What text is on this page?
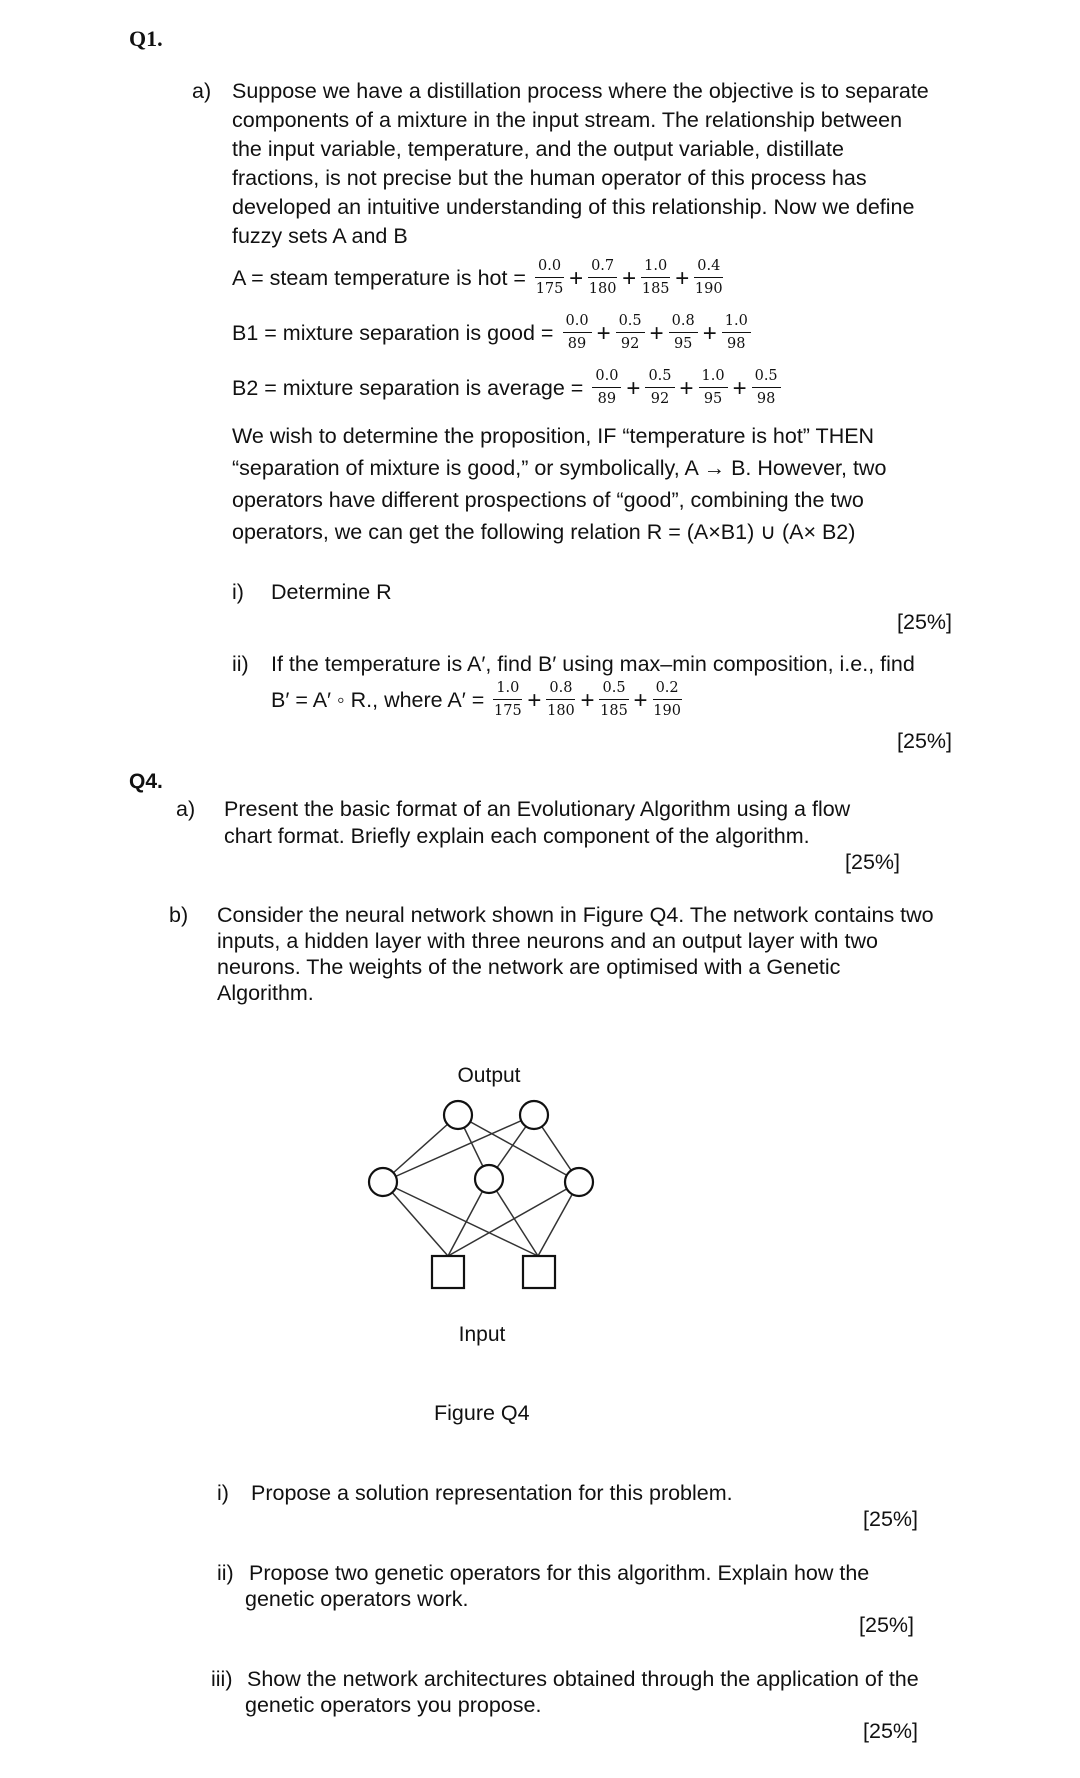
Q1.
a) Suppose we have a distillation process where the objective is to separate
components of a mixture in the input stream. The relationship between
the input variable, temperature, and the output variable, distillate
fractions, is not precise but the human operator of this process has
developed an intuitive understanding of this relationship. Now we define
fuzzy sets A and B
A = steam temperature is hot = $\frac{0.0}{175} + \frac{0.7}{180} + \frac{1.0}{185} + \frac{0.4}{190}$
B1 = mixture separation is good = $\frac{0.0}{89} + \frac{0.5}{92} + \frac{0.8}{95} + \frac{1.0}{98}$
B2 = mixture separation is average = $\frac{0.0}{89} + \frac{0.5}{92} + \frac{1.0}{95} + \frac{0.5}{98}$
We wish to determine the proposition, IF “temperature is hot” THEN
“separation of mixture is good,” or symbolically, A → B. However, two
operators have different prospections of “good”, combining the two
operators, we can get the following relation R = (A×B1) ∪ (A× B2)
i) Determine R
[25%]
ii) If the temperature is A′, find B′ using max–min composition, i.e., find
B′ = A′ ◦ R., where $A' = \frac{1.0}{175} + \frac{0.8}{180} + \frac{0.5}{185} + \frac{0.2}{190}$
[25%]
Q4.
a) Present the basic format of an Evolutionary Algorithm using a flow
chart format. Briefly explain each component of the algorithm.
[25%]
b) Consider the neural network shown in Figure Q4. The network contains two
inputs, a hidden layer with three neurons and an output layer with two
neurons. The weights of the network are optimised with a Genetic
Algorithm.
Output
Input
Figure Q4
i) Propose a solution representation for this problem.
[25%]
ii) Propose two genetic operators for this algorithm. Explain how the
genetic operators work.
[25%]
iii) Show the network architectures obtained through the application of the
genetic operators you propose.
[25%]
